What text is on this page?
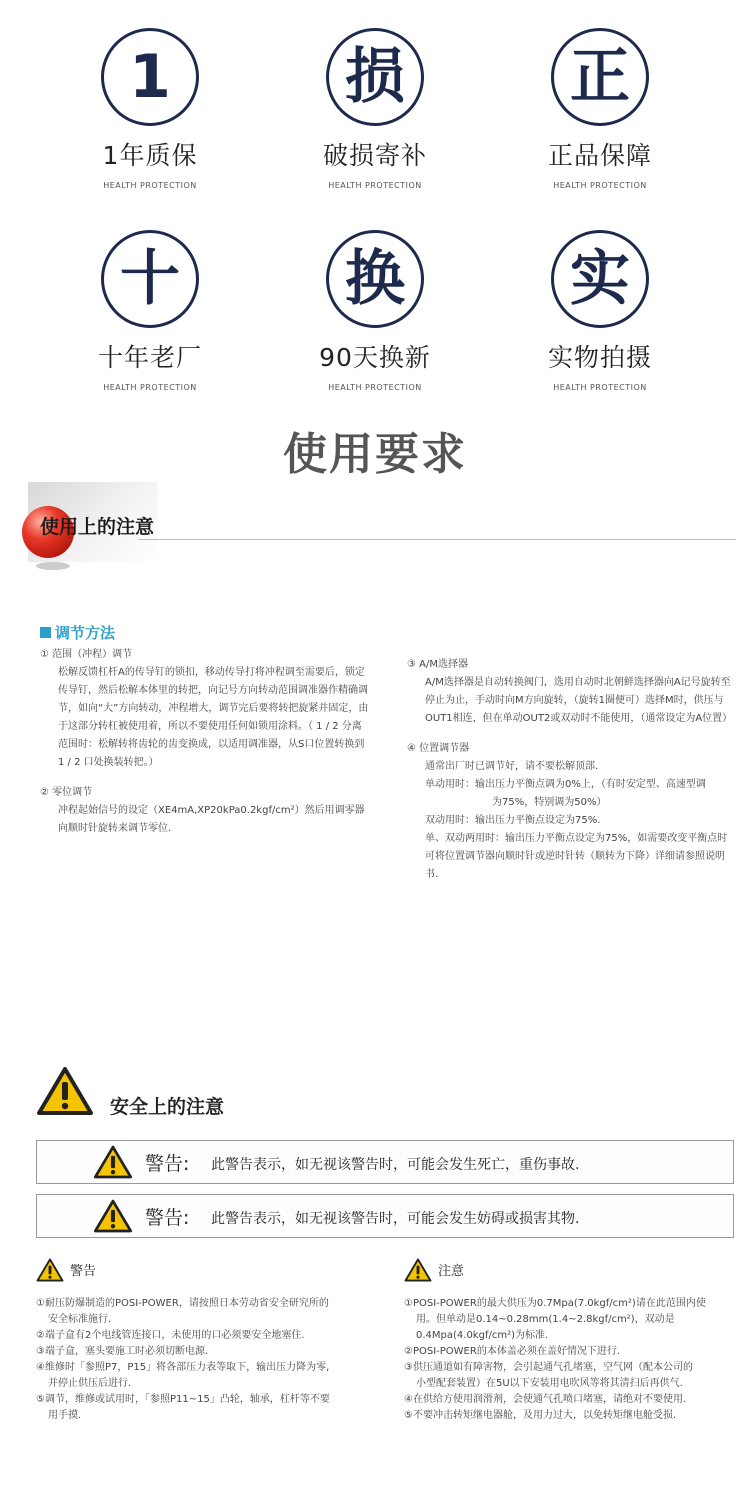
1
1年质保
HEALTH PROTECTION
损
破损寄补
HEALTH PROTECTION
正
正品保障
HEALTH PROTECTION
十
十年老厂
HEALTH PROTECTION
换
90天换新
HEALTH PROTECTION
实
实物拍摄
HEALTH PROTECTION
使用要求
使用上的注意
调节方法
① 范围（冲程）调节
松解反馈杠杆A的传导钉的锁扣，移动传导打将冲程调至需要后，锁定传导钉，然后松解本体里的转把，向记号方向转动范围调准器作精确调节，如向“大”方向转动，冲程增大，调节完后要将转把旋紧并固定，由于这部分转杠被使用着，所以不要使用任何如锁用涂料。（ 1 / 2 分离范围时：松解转将齿轮的齿变换成，以适用调准器，从S口位置转换到 1 / 2 口处换装转把。）
② 零位调节
冲程起始信号的设定（XE4mA,XP20kPa0.2kgf/cm²）然后用调零器向顺时针旋转来调节零位.
③ A/M选择器
A/M选择器是自动转换阀门，选用自动时北朝鲜选择器向A记号旋转至停止为止，手动时向M方向旋转，（旋转1圈便可）选择M时，供压与OUT1相连，但在单动OUT2或双动时不能使用，（通常设定为A位置）
④ 位置调节器
通常出厂时已调节好，请不要松解顶部.
单动用时：输出压力平衡点调为0%上，（有时安定型、高速型调
为75%，特别调为50%）
双动用时：输出压力平衡点设定为75%.
单、双动两用时：输出压力平衡点设定为75%，如需要改变平衡点时可将位置调节器向顺时针或逆时针转（顺转为下降）详细请参照说明书.
安全上的注意
警告: 此警告表示，如无视该警告时，可能会发生死亡，重伤事故.
警告: 此警告表示，如无视该警告时，可能会发生妨碍或损害其物.
警告
①耐压防爆制造的POSI-POWER，请按照日本劳动省安全研究所的
安全标准施行.
②端子盒有2个电线管连接口，未使用的口必须要安全地塞住.
③端子盒，塞头要施工时必须切断电源.
④维修时「参照P7，P15」将各部压力表等取下，输出压力降为零,
并停止供压后进行.
⑤调节，维修或试用时，「参照P11~15」凸轮，轴承，杠杆等不要
用手摸.
注意
①POSI-POWER的最大供压为0.7Mpa(7.0kgf/cm²)请在此范围内使
用。但单动是0.14~0.28mm(1.4~2.8kgf/cm²)，双动是
0.4Mpa(4.0kgf/cm²)为标准.
②POSI-POWER的本体盖必须在盖好情况下进行.
③供压通道如有障害物，会引起通气孔堵塞，空气网（配本公司的
小型配套装置）在5U以下安装用电吹风等将其清扫后再供气.
④在供给方使用润滑剂，会使通气孔喷口堵塞，请绝对不要使用.
⑤不要冲击转矩继电器舱，及用力过大，以免转矩继电舱受损.
